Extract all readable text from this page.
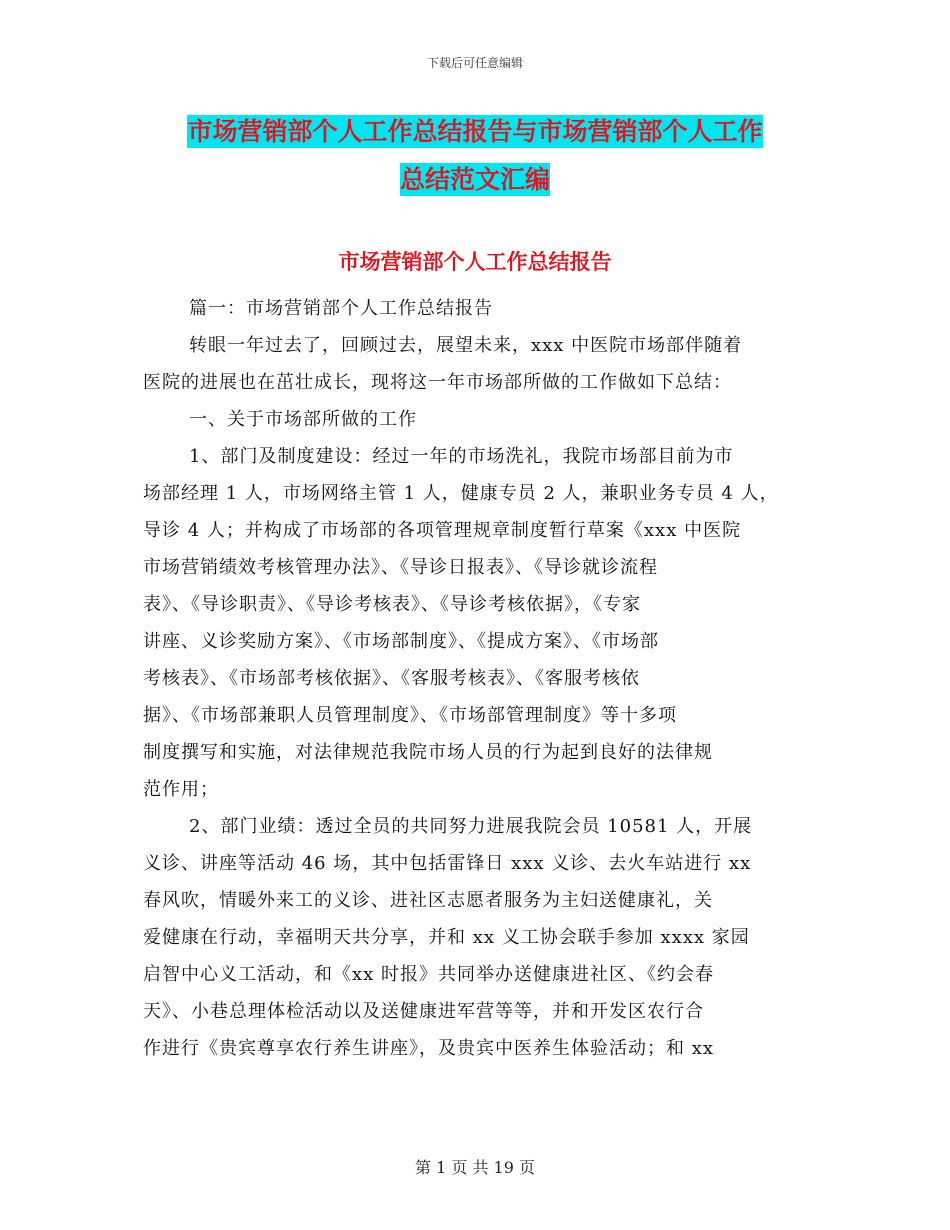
下载后可任意编辑
市场营销部个人工作总结报告与市场营销部个人工作
总结范文汇编
市场营销部个人工作总结报告
篇一：市场营销部个人工作总结报告
转眼一年过去了，回顾过去，展望未来，xxx 中医院市场部伴随着
医院的进展也在茁壮成长，现将这一年市场部所做的工作做如下总结：
一、关于市场部所做的工作
1、部门及制度建设：经过一年的市场洗礼，我院市场部目前为市
场部经理 1 人，市场网络主管 1 人，健康专员 2 人，兼职业务专员 4 人，
导诊 4 人；并构成了市场部的各项管理规章制度暂行草案《xxx 中医院
市场营销绩效考核管理办法》、《导诊日报表》、《导诊就诊流程
表》、《导诊职责》、《导诊考核表》、《导诊考核依据》，《专家
讲座、义诊奖励方案》、《市场部制度》、《提成方案》、《市场部
考核表》、《市场部考核依据》、《客服考核表》、《客服考核依
据》、《市场部兼职人员管理制度》、《市场部管理制度》等十多项
制度撰写和实施，对法律规范我院市场人员的行为起到良好的法律规
范作用；
2、部门业绩：透过全员的共同努力进展我院会员 10581 人，开展
义诊、讲座等活动 46 场，其中包括雷锋日 xxx 义诊、去火车站进行 xx
春风吹，情暖外来工的义诊、进社区志愿者服务为主妇送健康礼，关
爱健康在行动，幸福明天共分享，并和 xx 义工协会联手参加 xxxx 家园
启智中心义工活动，和《xx 时报》共同举办送健康进社区、《约会春
天》、小巷总理体检活动以及送健康进军营等等，并和开发区农行合
作进行《贵宾尊享农行养生讲座》，及贵宾中医养生体验活动；和 xx
第 1 页 共 19 页
